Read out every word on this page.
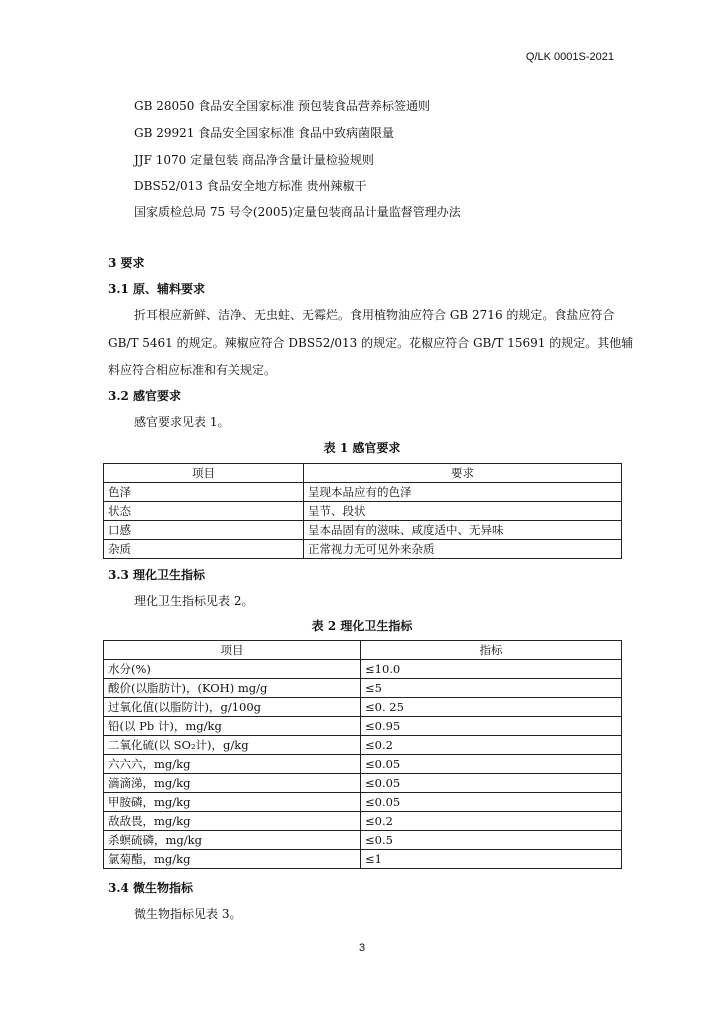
Q/LK 0001S-2021
GB 28050 食品安全国家标准 预包装食品营养标签通则
GB 29921 食品安全国家标准 食品中致病菌限量
JJF 1070 定量包装 商品净含量计量检验规则
DBS52/013 食品安全地方标准 贵州辣椒干
国家质检总局 75 号令(2005)定量包装商品计量监督管理办法
3 要求
3.1 原、辅料要求
折耳根应新鲜、洁净、无虫蛀、无霉烂。食用植物油应符合 GB 2716 的规定。食盐应符合
GB/T 5461 的规定。辣椒应符合 DBS52/013 的规定。花椒应符合 GB/T 15691 的规定。其他辅
料应符合相应标准和有关规定。
3.2 感官要求
感官要求见表 1。
表 1 感官要求
项目	要求
色泽	呈现本品应有的色泽
状态	呈节、段状
口感	呈本品固有的滋味、咸度适中、无异味
杂质	正常视力无可见外来杂质
3.3 理化卫生指标
理化卫生指标见表 2。
表 2 理化卫生指标
项目	指标
水分(%)	≤10.0
酸价(以脂肪计)，(KOH) mg/g	≤5
过氧化值(以脂防计)，g/100g	≤0. 25
铅(以 Pb 计)，mg/kg	≤0.95
二氧化硫(以 SO₂计)，g/kg	≤0.2
六六六，mg/kg	≤0.05
滴滴涕，mg/kg	≤0.05
甲胺磷，mg/kg	≤0.05
敌敌畏，mg/kg	≤0.2
杀螟硫磷，mg/kg	≤0.5
氯菊酯，mg/kg	≤1
3.4 微生物指标
微生物指标见表 3。
3
